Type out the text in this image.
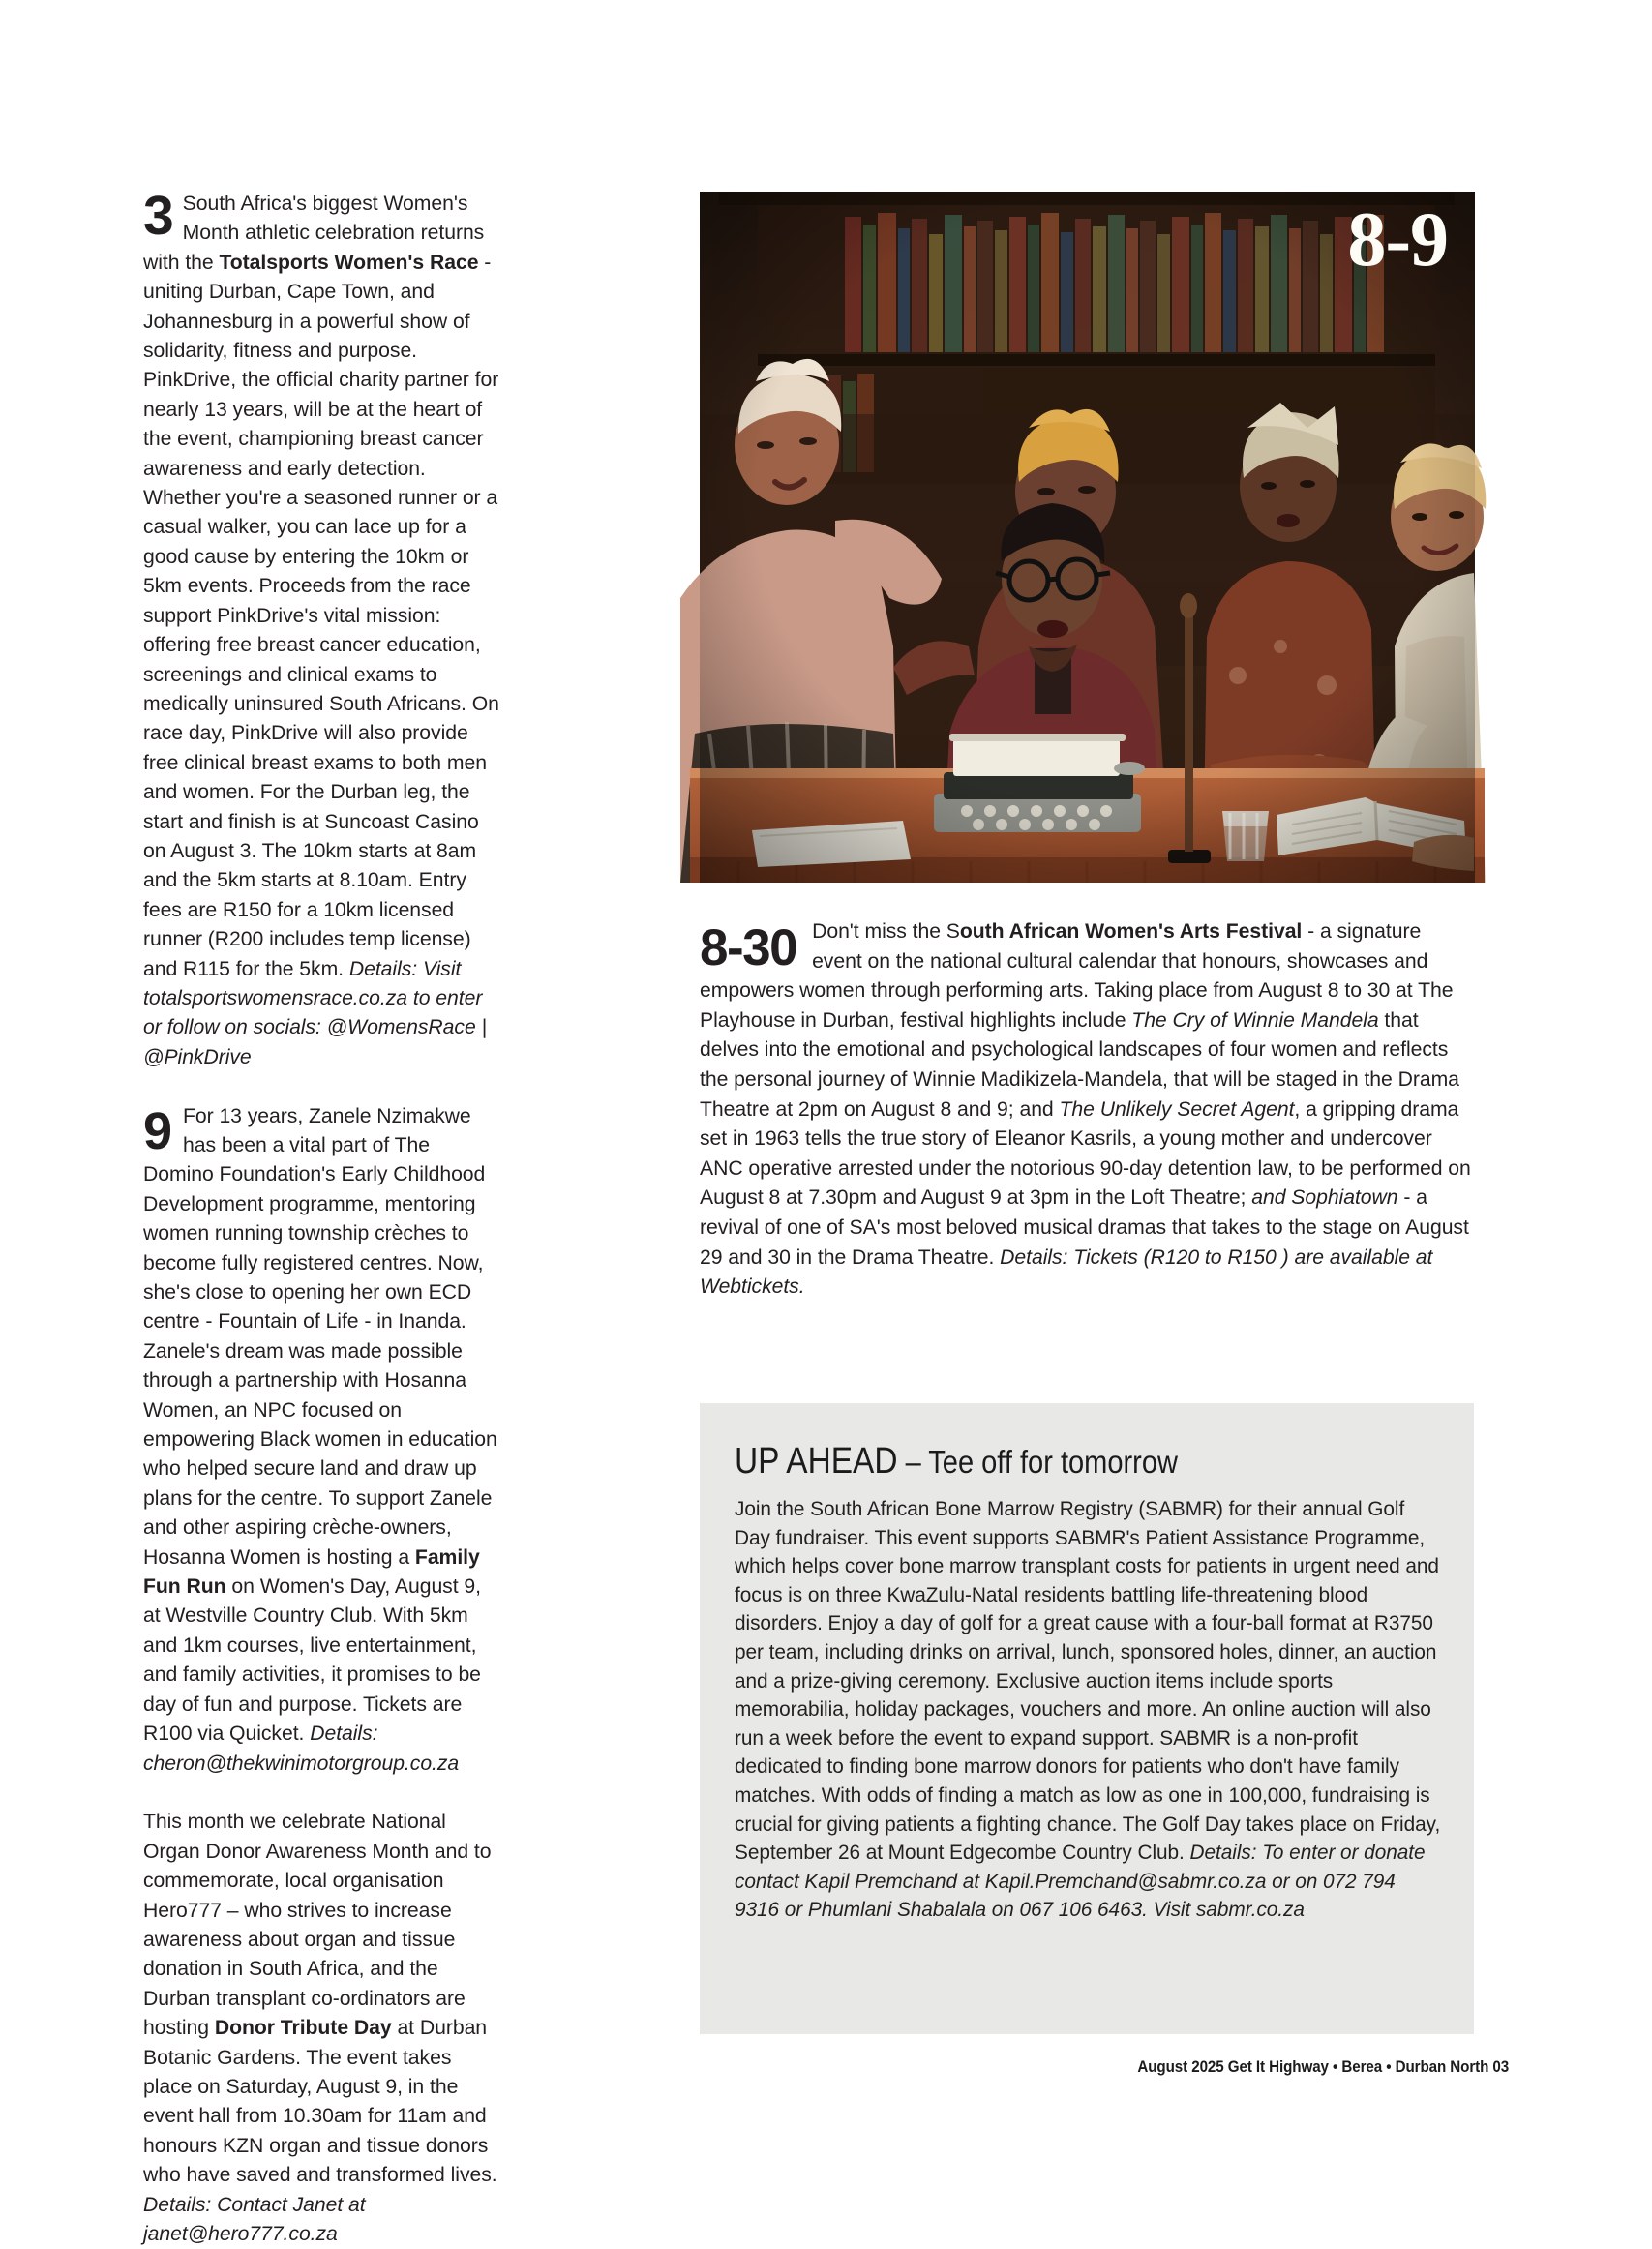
3 South Africa's biggest Women's Month athletic celebration returns with the Totalsports Women's Race - uniting Durban, Cape Town, and Johannesburg in a powerful show of solidarity, fitness and purpose. PinkDrive, the official charity partner for nearly 13 years, will be at the heart of the event, championing breast cancer awareness and early detection. Whether you're a seasoned runner or a casual walker, you can lace up for a good cause by entering the 10km or 5km events. Proceeds from the race support PinkDrive's vital mission: offering free breast cancer education, screenings and clinical exams to medically uninsured South Africans. On race day, PinkDrive will also provide free clinical breast exams to both men and women. For the Durban leg, the start and finish is at Suncoast Casino on August 3. The 10km starts at 8am and the 5km starts at 8.10am. Entry fees are R150 for a 10km licensed runner (R200 includes temp license) and R115 for the 5km. Details: Visit totalsportswomensrace.co.za to enter or follow on socials: @WomensRace | @PinkDrive

9 For 13 years, Zanele Nzimakwe has been a vital part of The Domino Foundation's Early Childhood Development programme, mentoring women running township crèches to become fully registered centres. Now, she's close to opening her own ECD centre - Fountain of Life - in Inanda. Zanele's dream was made possible through a partnership with Hosanna Women, an NPC focused on empowering Black women in education who helped secure land and draw up plans for the centre. To support Zanele and other aspiring crèche-owners, Hosanna Women is hosting a Family Fun Run on Women's Day, August 9, at Westville Country Club. With 5km and 1km courses, live entertainment, and family activities, it promises to be day of fun and purpose. Tickets are R100 via Quicket. Details: cheron@thekwinimotorgroup.co.za

This month we celebrate National Organ Donor Awareness Month and to commemorate, local organisation Hero777 – who strives to increase awareness about organ and tissue donation in South Africa, and the Durban transplant co-ordinators are hosting Donor Tribute Day at Durban Botanic Gardens. The event takes place on Saturday, August 9, in the event hall from 10.30am for 11am and honours KZN organ and tissue donors who have saved and transformed lives. Details: Contact Janet at janet@hero777.co.za

8-9

8-30 Don't miss the South African Women's Arts Festival - a signature event on the national cultural calendar that honours, showcases and empowers women through performing arts. Taking place from August 8 to 30 at The Playhouse in Durban, festival highlights include The Cry of Winnie Mandela that delves into the emotional and psychological landscapes of four women and reflects the personal journey of Winnie Madikizela-Mandela, that will be staged in the Drama Theatre at 2pm on August 8 and 9; and The Unlikely Secret Agent, a gripping drama set in 1963 tells the true story of Eleanor Kasrils, a young mother and undercover ANC operative arrested under the notorious 90-day detention law, to be performed on August 8 at 7.30pm and August 9 at 3pm in the Loft Theatre; and Sophiatown - a revival of one of SA's most beloved musical dramas that takes to the stage on August 29 and 30 in the Drama Theatre. Details: Tickets (R120 to R150 ) are available at Webtickets.

UP AHEAD – Tee off for tomorrow

Join the South African Bone Marrow Registry (SABMR) for their annual Golf Day fundraiser. This event supports SABMR's Patient Assistance Programme, which helps cover bone marrow transplant costs for patients in urgent need and focus is on three KwaZulu-Natal residents battling life-threatening blood disorders. Enjoy a day of golf for a great cause with a four-ball format at R3750 per team, including drinks on arrival, lunch, sponsored holes, dinner, an auction and a prize-giving ceremony. Exclusive auction items include sports memorabilia, holiday packages, vouchers and more. An online auction will also run a week before the event to expand support. SABMR is a non-profit dedicated to finding bone marrow donors for patients who don't have family matches. With odds of finding a match as low as one in 100,000, fundraising is crucial for giving patients a fighting chance. The Golf Day takes place on Friday, September 26 at Mount Edgecombe Country Club. Details: To enter or donate contact Kapil Premchand at Kapil.Premchand@sabmr.co.za or on 072 794 9316 or Phumlani Shabalala on 067 106 6463. Visit sabmr.co.za

August 2025 Get It Highway • Berea • Durban North 03
